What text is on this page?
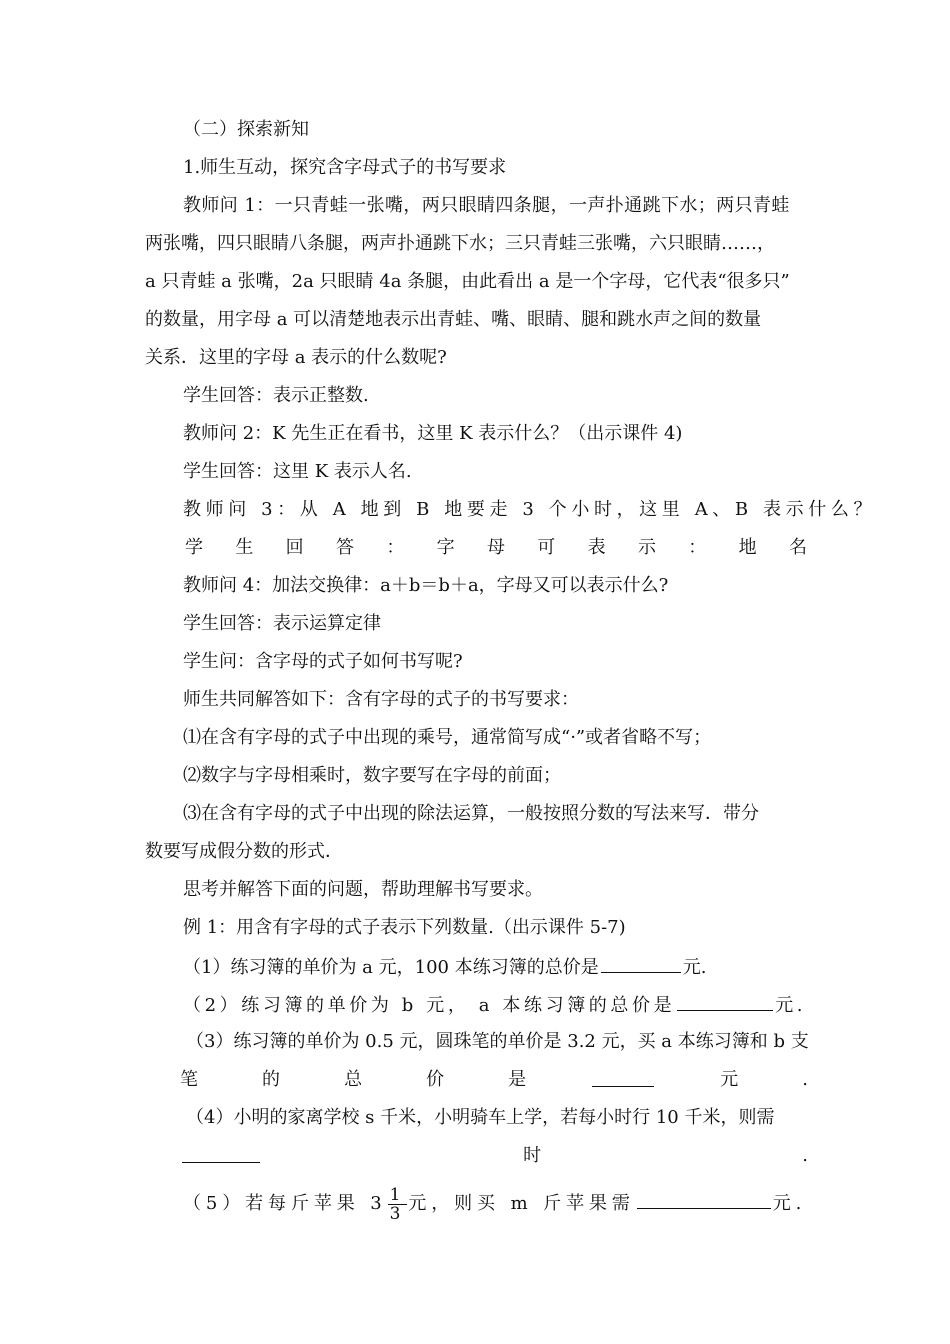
（二）探索新知
1.师生互动，探究含字母式子的书写要求
教师问 1：一只青蛙一张嘴，两只眼睛四条腿，一声扑通跳下水；两只青蛙
两张嘴，四只眼睛八条腿，两声扑通跳下水；三只青蛙三张嘴，六只眼睛……，
a 只青蛙 a 张嘴，2a 只眼睛 4a 条腿，由此看出 a 是一个字母，它代表“很多只”
的数量，用字母 a 可以清楚地表示出青蛙、嘴、眼睛、腿和跳水声之间的数量
关系．这里的字母 a 表示的什么数呢?
学生回答：表示正整数.
教师问 2：K 先生正在看书，这里 K 表示什么？（出示课件 4)
学生回答：这里 K 表示人名.
教师问 3：从 A 地到 B 地要走 3 个小时，这里 A、B 表示什么？
学 生 回 答 ： 字 母 可 表 示 ： 地 名
教师问 4：加法交换律：a＋b＝b＋a，字母又可以表示什么?
学生回答：表示运算定律
学生问：含字母的式子如何书写呢?
师生共同解答如下：含有字母的式子的书写要求：
⑴在含有字母的式子中出现的乘号，通常简写成“·”或者省略不写；
⑵数字与字母相乘时，数字要写在字母的前面；
⑶在含有字母的式子中出现的除法运算，一般按照分数的写法来写．带分
数要写成假分数的形式．
思考并解答下面的问题，帮助理解书写要求。
例 1：用含有字母的式子表示下列数量.（出示课件 5-7)
（1）练习簿的单价为 a 元，100 本练习簿的总价是	元.
（2）练习簿的单价为 b 元， a 本练习簿的总价是	元.
（3）练习簿的单价为 0.5 元，圆珠笔的单价是 3.2 元，买 a 本练习簿和 b 支
笔	的	总	价	是	元	.
（4）小明的家离学校 s 千米，小明骑车上学，若每小时行 10 千米，则需
时	.
（5）若每斤苹果 $3 \frac{1}{3}$ 元，则买 m 斤苹果需	元.
